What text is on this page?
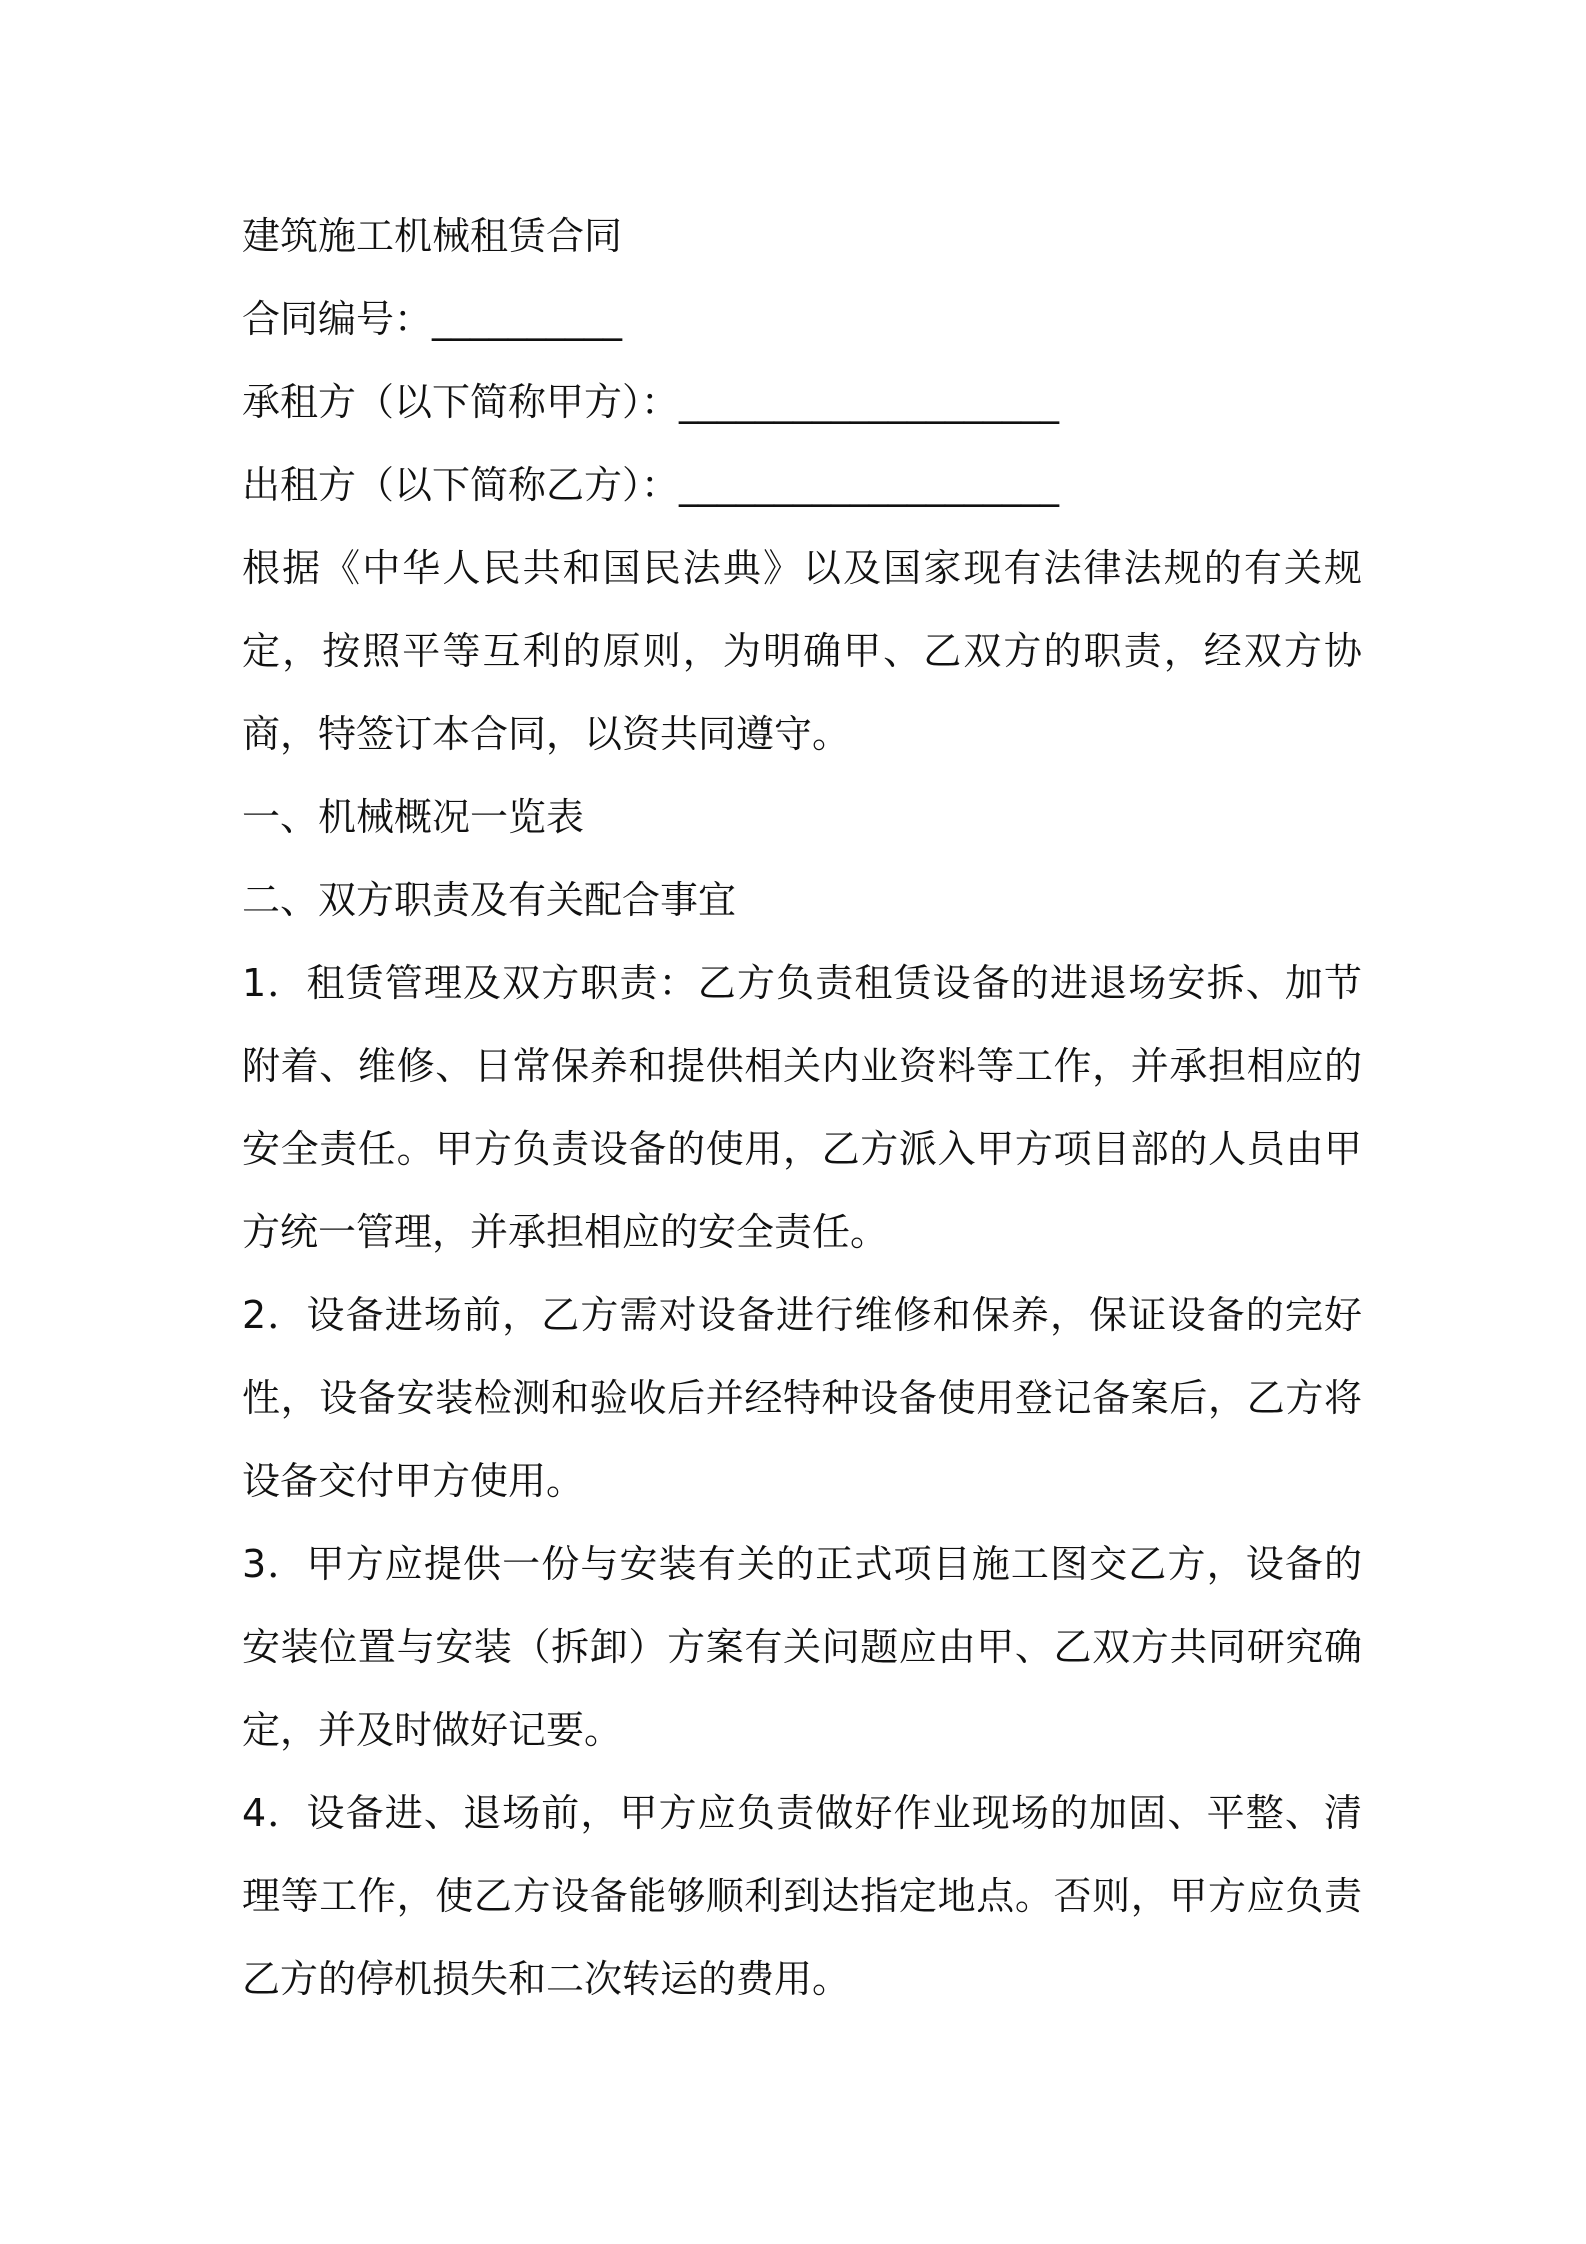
建筑施工机械租赁合同

合同编号：__________

承租方（以下简称甲方）：____________________

出租方（以下简称乙方）：____________________

根据《中华人民共和国民法典》以及国家现有法律法规的有关规定，按照平等互利的原则，为明确甲、乙双方的职责，经双方协商，特签订本合同，以资共同遵守。

一、机械概况一览表

二、双方职责及有关配合事宜

1．租赁管理及双方职责：乙方负责租赁设备的进退场安拆、加节附着、维修、日常保养和提供相关内业资料等工作，并承担相应的安全责任。甲方负责设备的使用，乙方派入甲方项目部的人员由甲方统一管理，并承担相应的安全责任。

2．设备进场前，乙方需对设备进行维修和保养，保证设备的完好性，设备安装检测和验收后并经特种设备使用登记备案后，乙方将设备交付甲方使用。

3．甲方应提供一份与安装有关的正式项目施工图交乙方，设备的安装位置与安装（拆卸）方案有关问题应由甲、乙双方共同研究确定，并及时做好记要。

4．设备进、退场前，甲方应负责做好作业现场的加固、平整、清理等工作，使乙方设备能够顺利到达指定地点。否则，甲方应负责乙方的停机损失和二次转运的费用。
